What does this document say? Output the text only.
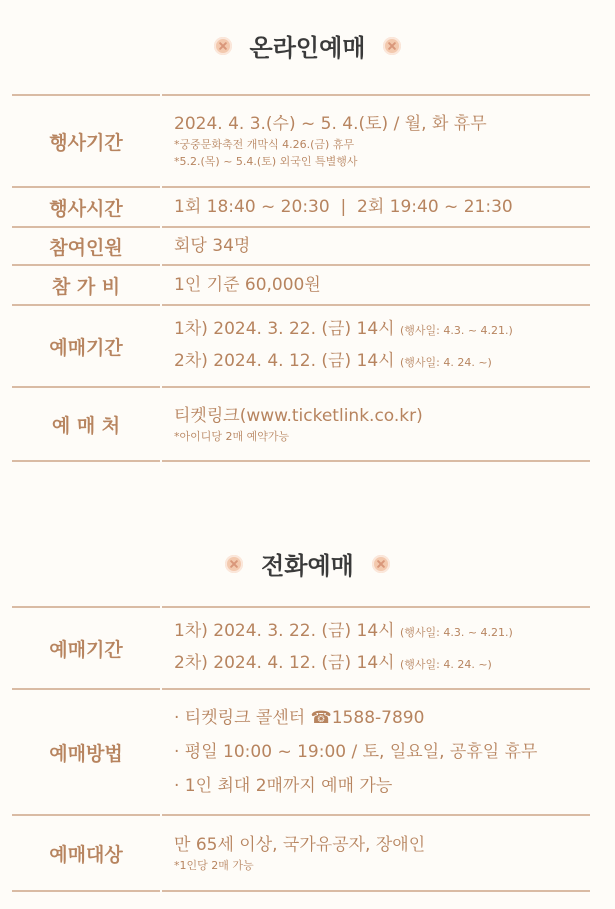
온라인예매
행사기간	2024. 4. 3.(수) ~ 5. 4.(토) / 월, 화 휴무
*궁중문화축전 개막식 4.26.(금) 휴무
*5.2.(목) ~ 5.4.(토) 외국인 특별행사

행사시간	1회 18:40 ~ 20:30  |  2회 19:40 ~ 21:30

참여인원	회당 34명

참 가 비	1인 기준 60,000원

예매기간	1차) 2024. 3. 22. (금) 14시 (행사일: 4.3. ~ 4.21.)
2차) 2024. 4. 12. (금) 14시 (행사일: 4. 24. ~)

예 매 처	티켓링크(www.ticketlink.co.kr)
*아이디당 2매 예약가능
전화예매
예매기간	1차) 2024. 3. 22. (금) 14시 (행사일: 4.3. ~ 4.21.)
2차) 2024. 4. 12. (금) 14시 (행사일: 4. 24. ~)

예매방법	· 티켓링크 콜센터 ☎1588-7890
· 평일 10:00 ~ 19:00 / 토, 일요일, 공휴일 휴무
· 1인 최대 2매까지 예매 가능

예매대상	만 65세 이상, 국가유공자, 장애인
*1인당 2매 가능
